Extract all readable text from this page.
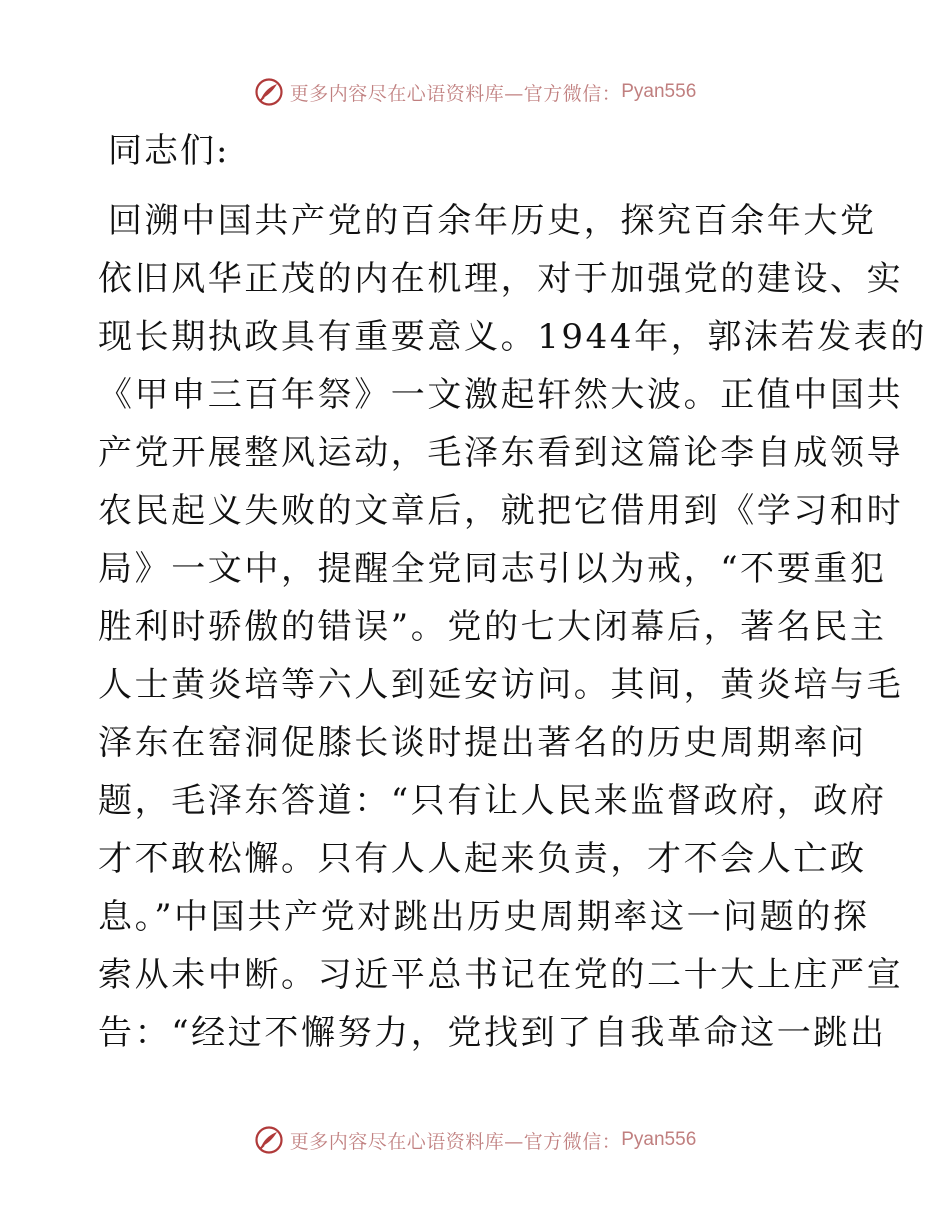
更多内容尽在心语资料库—官方微信： Pyan556
同志们:
回溯中国共产党的百余年历史，探究百余年大党
依旧风华正茂的内在机理，对于加强党的建设、实
现长期执政具有重要意义。1944年，郭沫若发表的
《甲申三百年祭》一文激起轩然大波。正值中国共
产党开展整风运动，毛泽东看到这篇论李自成领导
农民起义失败的文章后，就把它借用到《学习和时
局》一文中，提醒全党同志引以为戒，“不要重犯
胜利时骄傲的错误”。党的七大闭幕后，著名民主
人士黄炎培等六人到延安访问。其间，黄炎培与毛
泽东在窑洞促膝长谈时提出著名的历史周期率问
题，毛泽东答道：“只有让人民来监督政府，政府
才不敢松懈。只有人人起来负责，才不会人亡政
息。”中国共产党对跳出历史周期率这一问题的探
索从未中断。习近平总书记在党的二十大上庄严宣
告：“经过不懈努力，党找到了自我革命这一跳出
更多内容尽在心语资料库—官方微信： Pyan556
